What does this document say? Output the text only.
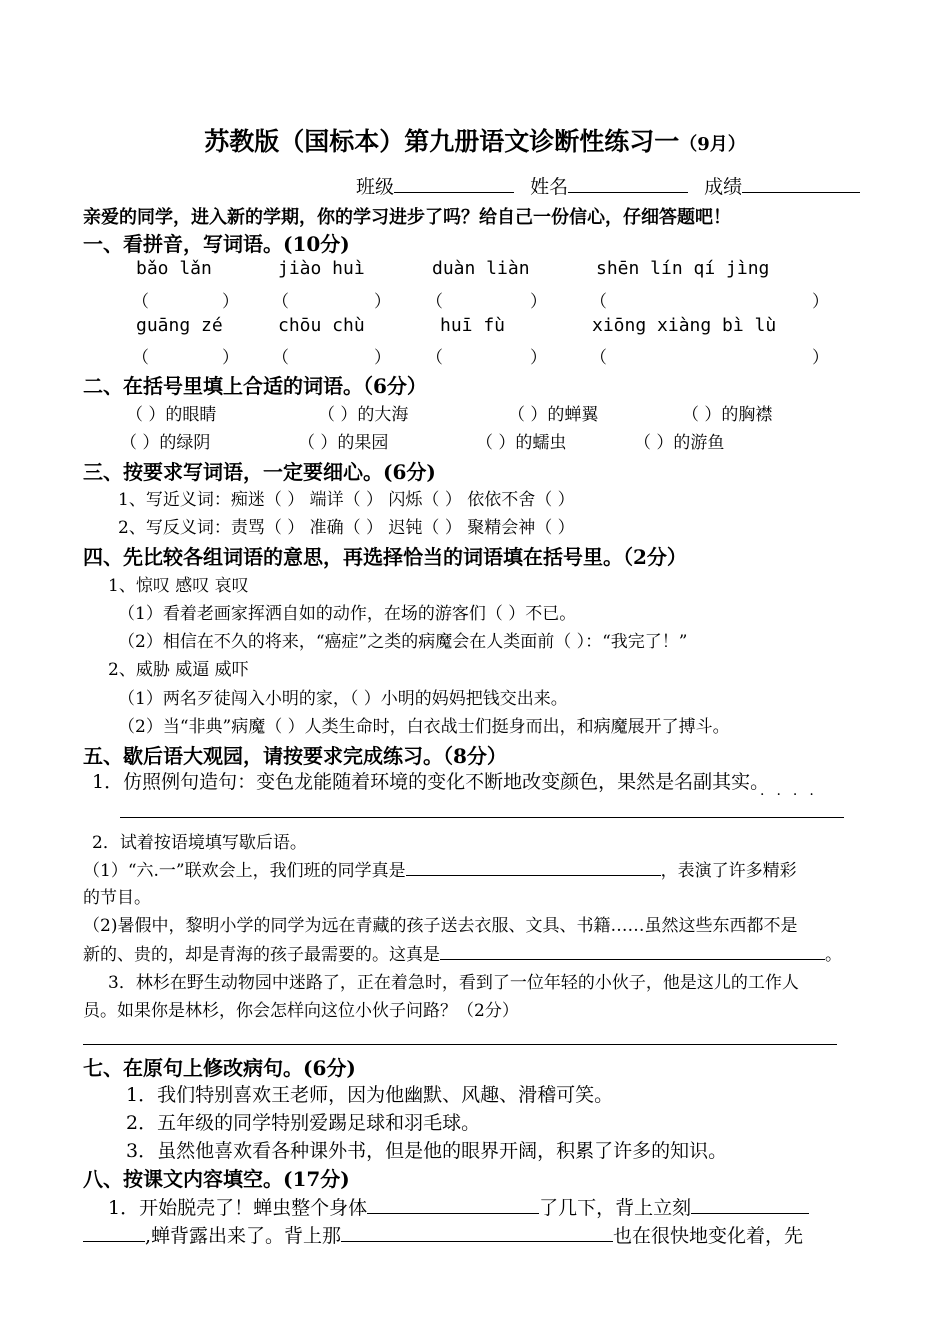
苏教版（国标本）第九册语文诊断性练习一（9月）
班级	姓名	成绩
亲爱的同学，进入新的学期，你的学习进步了吗？给自己一份信心，仔细答题吧！
一、看拼音，写词语。(10分)
bǎo lǎn	jiào huì	duàn liàn	shēn lín qí jìng
（	） （	） （	）	（	）
guāng zé	chōu chù	huī fù	xiōng xiàng bì lù
（	） （	） （	）	（	）
二、在括号里填上合适的词语。（6分）
（ ）的眼睛	（ ）的大海	（ ）的蝉翼	（ ）的胸襟
（ ）的绿阴	（ ）的果园	（ ）的蠕虫	（ ）的游鱼
三、按要求写词语，一定要细心。(6分)
1、写近义词：痴迷（ ） 端详（ ） 闪烁（ ） 依依不舍（ ）
2、写反义词：责骂（ ） 准确（ ） 迟钝（ ） 聚精会神（ ）
四、先比较各组词语的意思，再选择恰当的词语填在括号里。（2分）
1、惊叹 感叹 哀叹
（1）看着老画家挥洒自如的动作，在场的游客们（ ）不已。
（2）相信在不久的将来，“癌症”之类的病魔会在人类面前（ ）：“我完了！”
2、威胁 威逼 威吓
（1）两名歹徒闯入小明的家，（ ）小明的妈妈把钱交出来。
（2）当“非典”病魔（ ）人类生命时，白衣战士们挺身而出，和病魔展开了搏斗。
五、歇后语大观园，请按要求完成练习。（8分）
1．仿照例句造句：变色龙能随着环境的变化不断地改变颜色，果然是名副其实。
····
2．试着按语境填写歇后语。
（1）“六.一”联欢会上，我们班的同学真是	，表演了许多精彩
的节目。
（2)暑假中，黎明小学的同学为远在青藏的孩子送去衣服、文具、书籍……虽然这些东西都不是
新的、贵的，却是青海的孩子最需要的。这真是	。
3．林杉在野生动物园中迷路了，正在着急时，看到了一位年轻的小伙子，他是这儿的工作人
员。如果你是林杉，你会怎样向这位小伙子问路？（2分）
七、在原句上修改病句。(6分)
1．我们特别喜欢王老师，因为他幽默、风趣、滑稽可笑。
2．五年级的同学特别爱踢足球和羽毛球。
3．虽然他喜欢看各种课外书，但是他的眼界开阔，积累了许多的知识。
八、按课文内容填空。(17分)
1．开始脱壳了！蝉虫整个身体	了几下，背上立刻
,蝉背露出来了。背上那	也在很快地变化着，先
